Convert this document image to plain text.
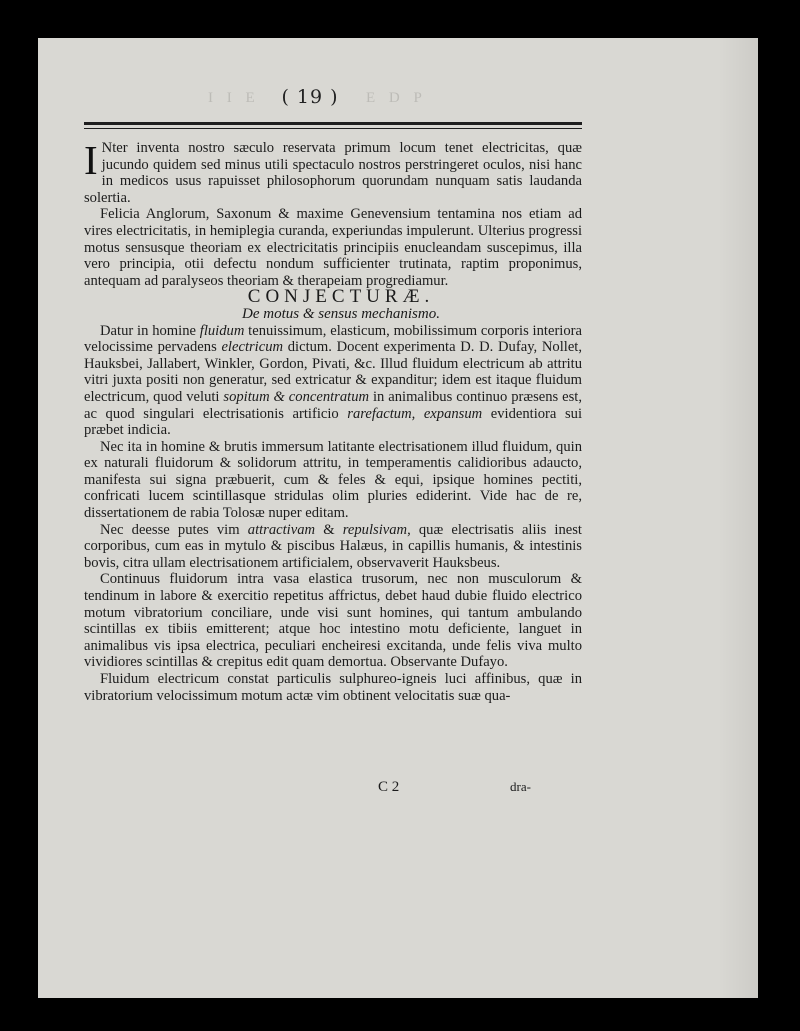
I I E ( 19 ) E D P

I Nter inventa nostro sæculo reservata primum locum tenet electricitas, quæ jucundo quidem sed minus utili spectaculo nostros perstringeret oculos, nisi hanc in medicos usus rapuisset philosophorum quorundam nunquam satis laudanda solertia.

Felicia Anglorum, Saxonum & maxime Genevensium tentamina nos etiam ad vires electricitatis, in hemiplegia curanda, experiundas impulerunt. Ulterius progressi motus sensusque theoriam ex electricitatis principiis enucleandam suscepimus, illa vero principia, otii defectu nondum sufficienter trutinata, raptim proponimus, antequam ad paralyseos theoriam & therapeiam progrediamur.

CONJECTURÆ.

De motus & sensus mechanismo.

Datur in homine fluidum tenuissimum, elasticum, mobilissimum corporis interiora velocissime pervadens electricum dictum. Docent experimenta D. D. Dufay, Nollet, Hauksbei, Jallabert, Winkler, Gordon, Pivati, &c. Illud fluidum electricum ab attritu vitri juxta positi non generatur, sed extricatur & expanditur; idem est itaque fluidum electricum, quod veluti sopitum & concentratum in animalibus continuo præsens est, ac quod singulari electrisationis artificio rarefactum, expansum evidentiora sui præbet indicia.

Nec ita in homine & brutis immersum latitante electrisationem illud fluidum, quin ex naturali fluidorum & solidorum attritu, in temperamentis calidioribus adaucto, manifesta sui signa præbuerit, cum & feles & equi, ipsique homines pectiti, confricati lucem scintillasque stridulas olim pluries ediderint. Vide hac de re, dissertationem de rabia Tolosæ nuper editam.

Nec deesse putes vim attractivam & repulsivam, quæ electrisatis aliis inest corporibus, cum eas in mytulo & piscibus Halæus, in capillis humanis, & intestinis bovis, citra ullam electrisationem artificialem, observaverit Hauksbeus.

Continuus fluidorum intra vasa elastica trusorum, nec non musculorum & tendinum in labore & exercitio repetitus affrictus, debet haud dubie fluido electrico motum vibratorium conciliare, unde visi sunt homines, qui tantum ambulando scintillas ex tibiis emitterent; atque hoc intestino motu deficiente, languet in animalibus vis ipsa electrica, peculiari encheiresi excitanda, unde felis viva multo vividiores scintillas & crepitus edit quam demortua. Observante Dufayo.

Fluidum electricum constat particulis sulphureo-igneis luci affinibus, quæ in vibratorium velocissimum motum actæ vim obtinent velocitatis suæ qua-

C 2	dra-
